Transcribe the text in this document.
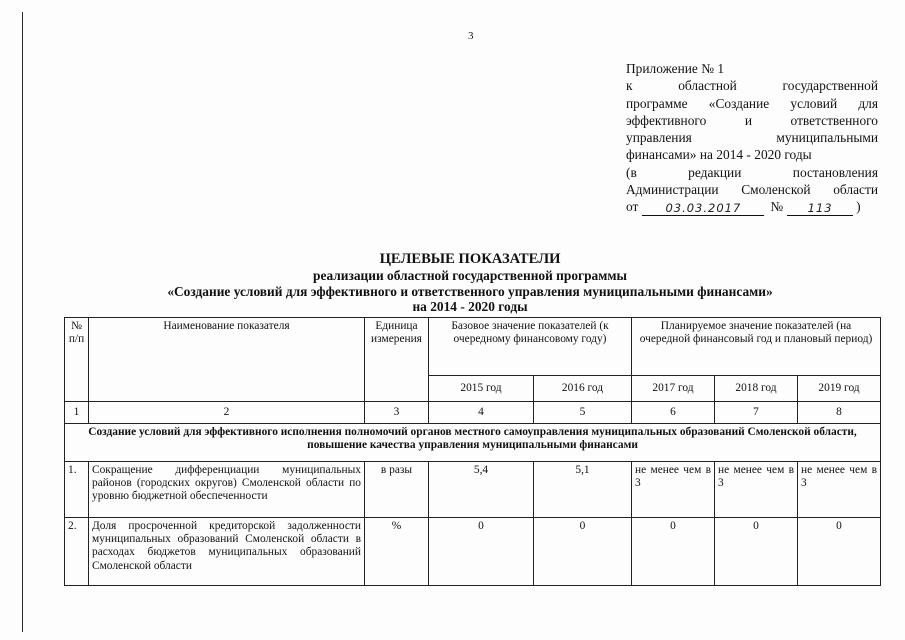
3

Приложение № 1

к областной государственной

программе «Создание условий для

эффективного и ответственного

управления муниципальными

финансами» на 2014 - 2020 годы

(в редакции постановления

Администрации Смоленской области

от	03.03.2017	№	113	)
ЦЕЛЕВЫЕ ПОКАЗАТЕЛИ
реализации областной государственной программы
«Создание условий для эффективного и ответственного управления муниципальными финансами»
на 2014 - 2020 годы
№ п/п	Наименование показателя	Единица измерения	Базовое значение показателей (к очередному финансовому году)		Планируемое значение показателей (на очередной финансовый год и плановый период)		
			2015 год	2016 год	2017 год	2018 год	2019 год
1	2	3	4	5	6	7	8
Создание условий для эффективного исполнения полномочий органов местного самоуправления муниципальных образований Смоленской области, повышение качества управления муниципальными финансами							
1.	Сокращение дифференциации муниципальных районов (городских округов) Смоленской области по уровню бюджетной обеспеченности	в разы	5,4	5,1	не менее чем в 3	не менее чем в 3	не менее чем в 3
2.	Доля просроченной кредиторской задолженности муниципальных образований Смоленской области в расходах бюджетов муниципальных образований Смоленской области	%	0	0	0	0	0
